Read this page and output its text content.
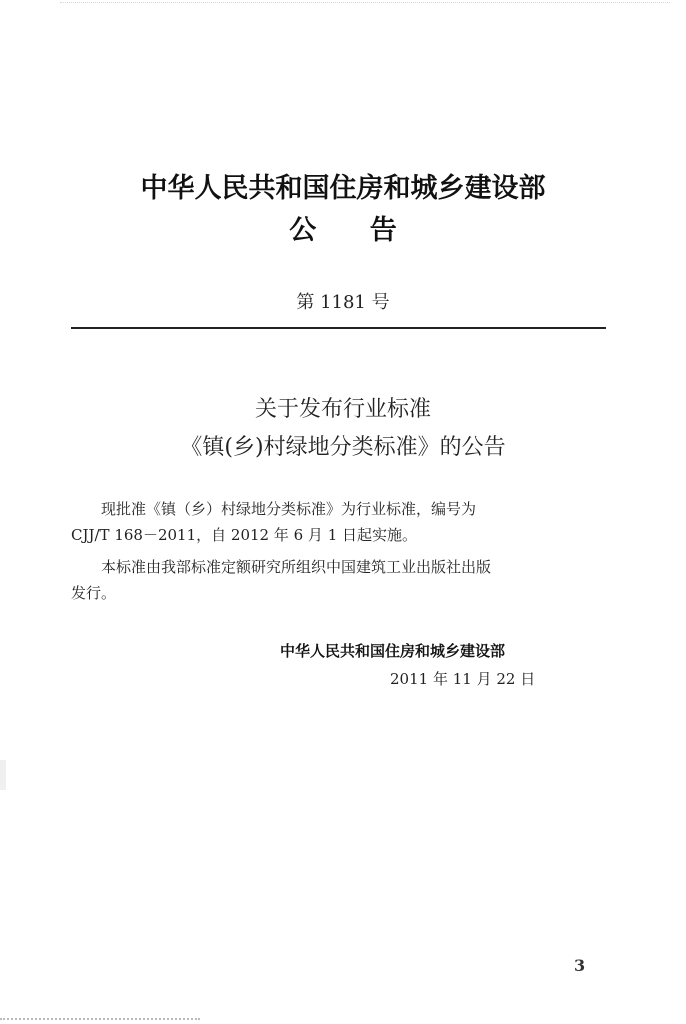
中华人民共和国住房和城乡建设部
公 告
第 1181 号
关于发布行业标准
《镇(乡)村绿地分类标准》的公告

现批准《镇（乡）村绿地分类标准》为行业标准，编号为

CJJ/T 168－2011，自 2012 年 6 月 1 日起实施。

本标准由我部标准定额研究所组织中国建筑工业出版社出版

发行。

中华人民共和国住房和城乡建设部
2011 年 11 月 22 日
3
